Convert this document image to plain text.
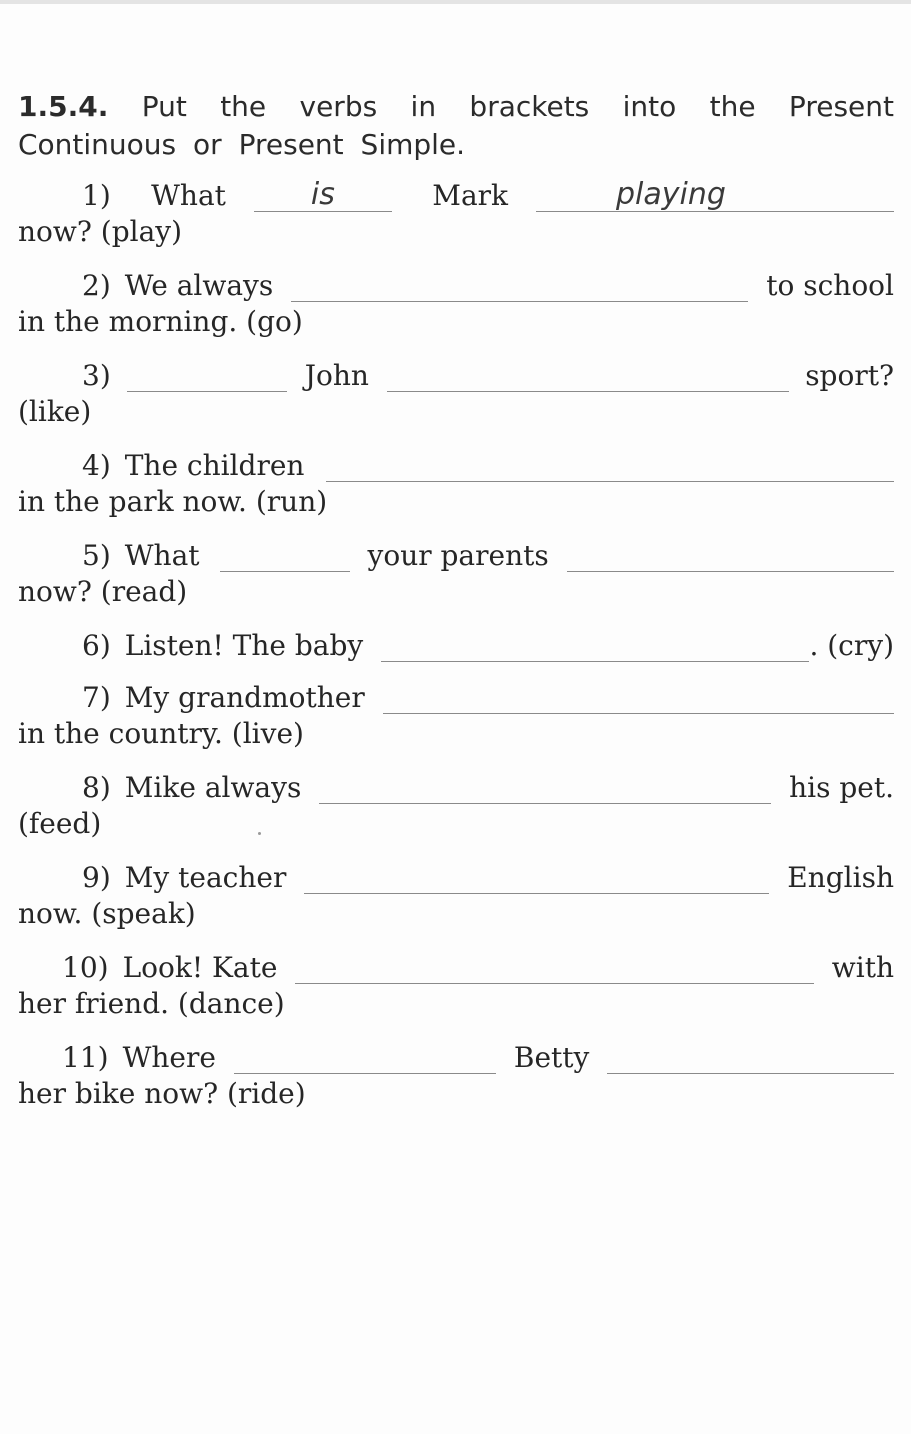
1.5.4. Put the verbs in brackets into the Present Continuous or Present Simple.
1) What	is	Mark	playing
now? (play)
2) We always	to school
in the morning. (go)
3)	John	sport?
(like)
4) The children
in the park now. (run)
5) What	your parents
now? (read)
6) Listen! The baby	. (cry)
7) My grandmother
in the country. (live)
8) Mike always	his pet.
(feed)
9) My teacher	English
now. (speak)
10) Look! Kate	with
her friend. (dance)
11) Where	Betty
her bike now? (ride)
